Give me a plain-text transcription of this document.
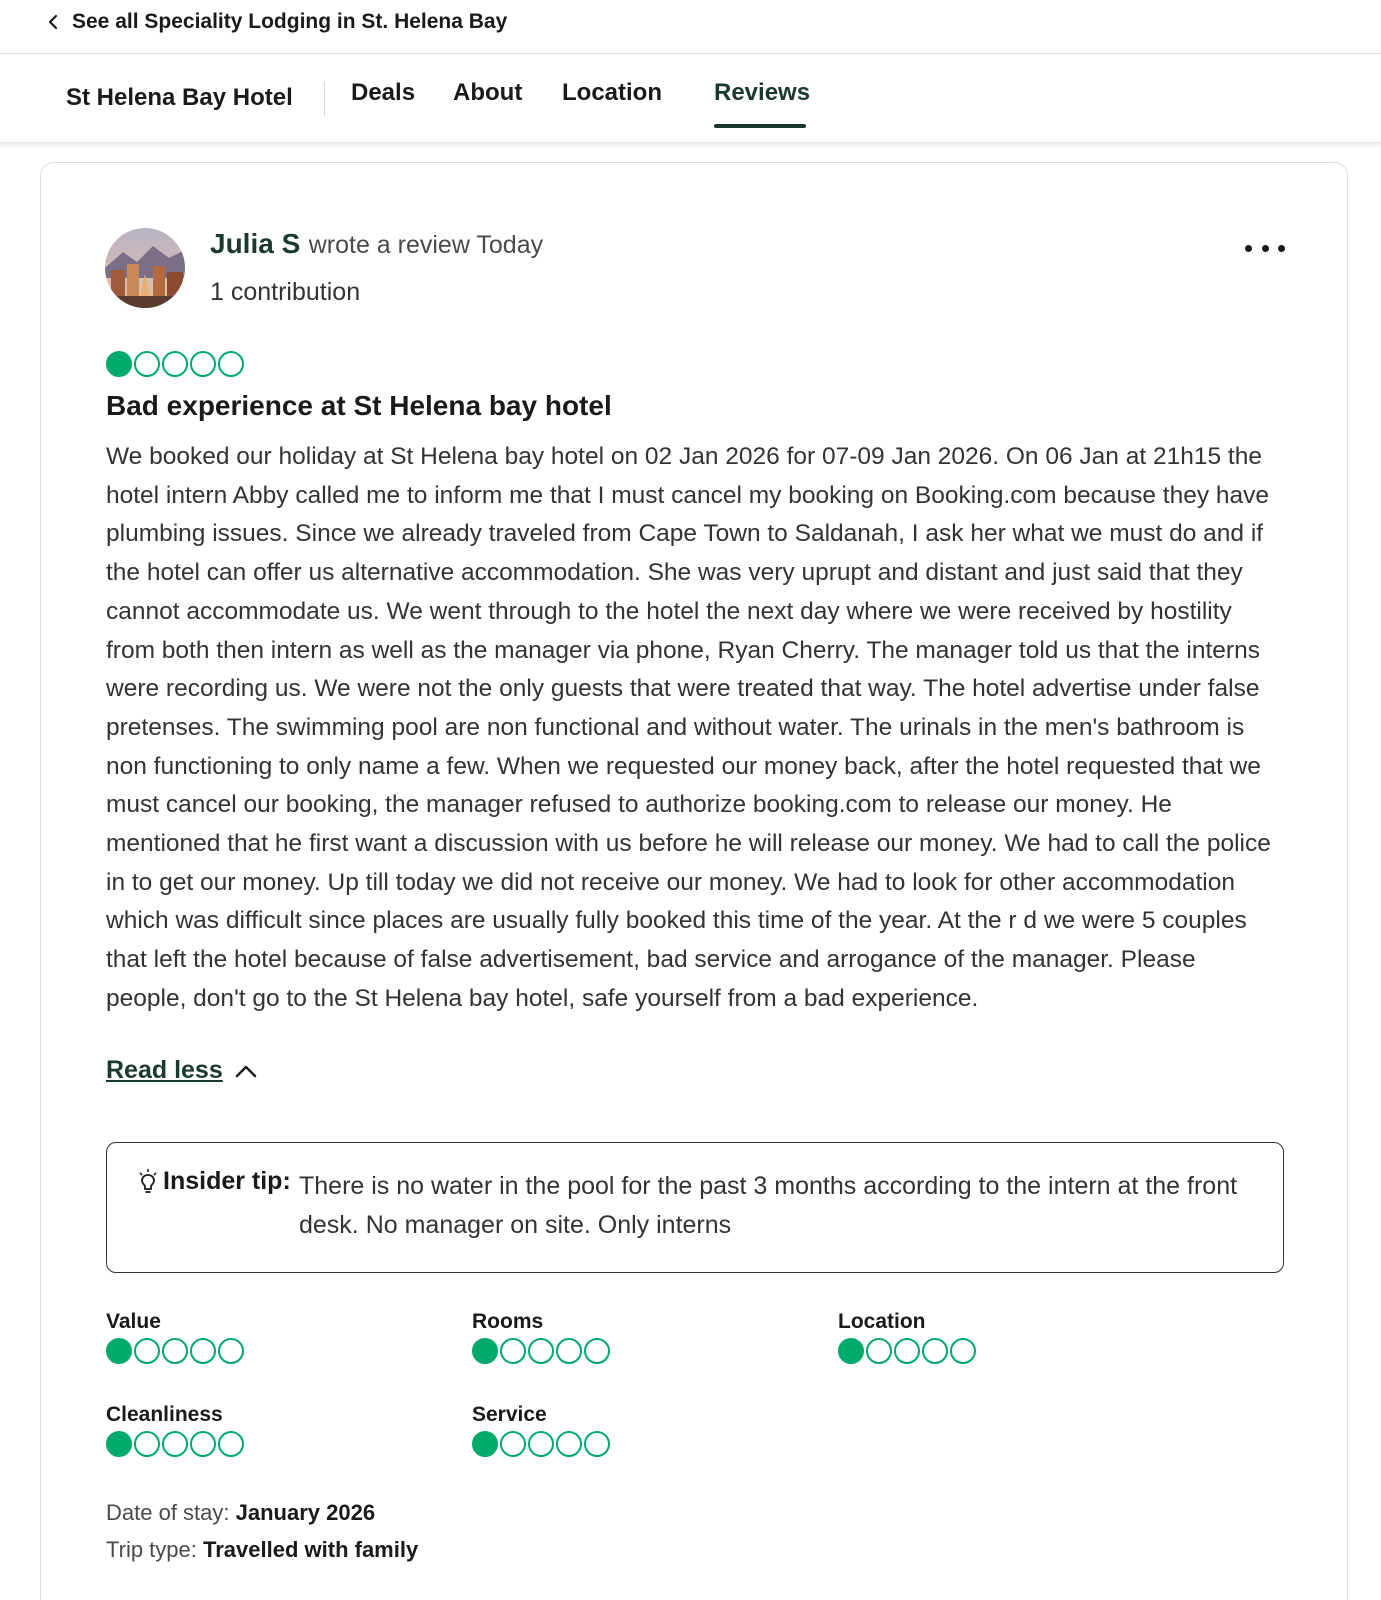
See all Speciality Lodging in St. Helena Bay
St Helena Bay Hotel Deals About Location Reviews
Julia S wrote a review Today
1 contribution
Bad experience at St Helena bay hotel
We booked our holiday at St Helena bay hotel on 02 Jan 2026 for 07-09 Jan 2026. On 06 Jan at 21h15 the hotel intern Abby called me to inform me that I must cancel my booking on Booking.com because they have plumbing issues. Since we already traveled from Cape Town to Saldanah, I ask her what we must do and if the hotel can offer us alternative accommodation. She was very uprupt and distant and just said that they cannot accommodate us. We went through to the hotel the next day where we were received by hostility from both then intern as well as the manager via phone, Ryan Cherry. The manager told us that the interns were recording us. We were not the only guests that were treated that way. The hotel advertise under false pretenses. The swimming pool are non functional and without water. The urinals in the men's bathroom is non functioning to only name a few. When we requested our money back, after the hotel requested that we must cancel our booking, the manager refused to authorize booking.com to release our money. He mentioned that he first want a discussion with us before he will release our money. We had to call the police in to get our money. Up till today we did not receive our money. We had to look for other accommodation which was difficult since places are usually fully booked this time of the year. At the r d we were 5 couples that left the hotel because of false advertisement, bad service and arrogance of the manager. Please people, don't go to the St Helena bay hotel, safe yourself from a bad experience.
Read less
Insider tip: There is no water in the pool for the past 3 months according to the intern at the front desk. No manager on site. Only interns
Value	Rooms	Location
Cleanliness	Service
Date of stay: January 2026
Trip type: Travelled with family
